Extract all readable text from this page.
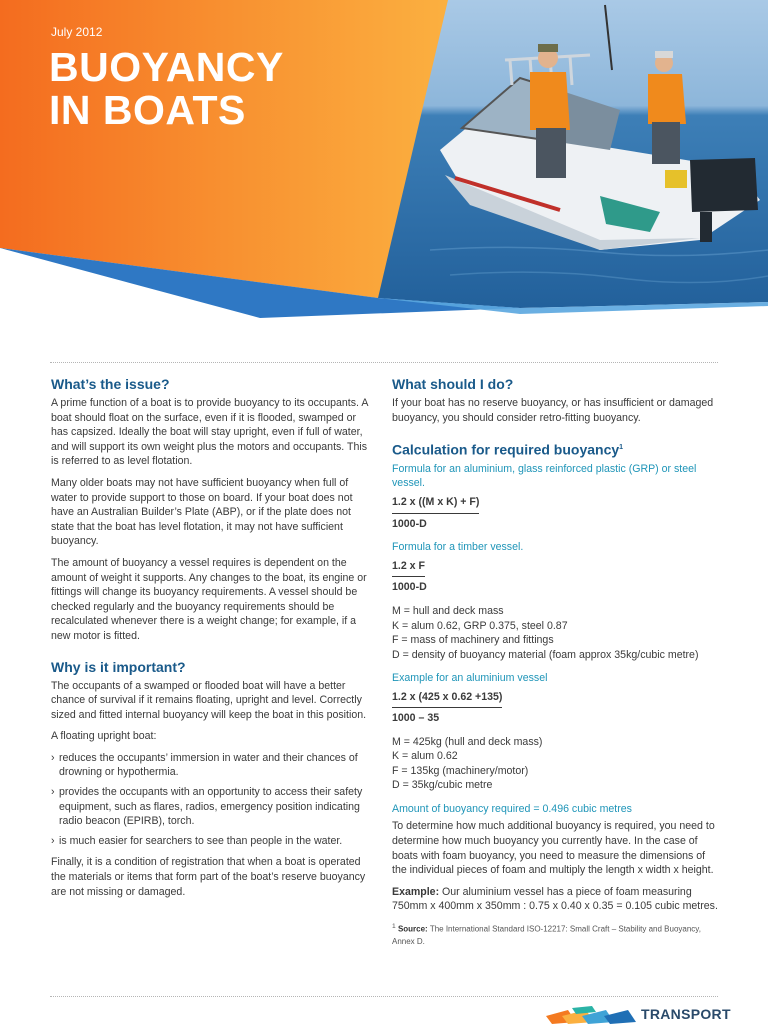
July 2012
BUOYANCY
IN BOATS
What’s the issue?

A prime function of a boat is to provide buoyancy to its occupants. A boat should float on the surface, even if it is flooded, swamped or has capsized. Ideally the boat will stay upright, even if full of water, and will support its own weight plus the motors and occupants. This is referred to as level flotation.

Many older boats may not have sufficient buoyancy when full of water to provide support to those on board. If your boat does not have an Australian Builder’s Plate (ABP), or if the plate does not state that the boat has level flotation, it may not have sufficient buoyancy.

The amount of buoyancy a vessel requires is dependent on the amount of weight it supports. Any changes to the boat, its engine or fittings will change its buoyancy requirements. A vessel should be checked regularly and the buoyancy requirements should be recalculated whenever there is a weight change; for example, if a new motor is fitted.

Why is it important?

The occupants of a swamped or flooded boat will have a better chance of survival if it remains floating, upright and level. Correctly sized and fitted internal buoyancy will keep the boat in this position.

A floating upright boat:

› reduces the occupants’ immersion in water and their chances of drowning or hypothermia.
› provides the occupants with an opportunity to access their safety equipment, such as flares, radios, emergency position indicating radio beacon (EPIRB), torch.
› is much easier for searchers to see than people in the water.

Finally, it is a condition of registration that when a boat is operated the materials or items that form part of the boat’s reserve buoyancy are not missing or damaged.

What should I do?

If your boat has no reserve buoyancy, or has insufficient or damaged buoyancy, you should consider retro-fitting buoyancy.

Calculation for required buoyancy$^1$
Formula for an aluminium, glass reinforced plastic (GRP) or steel vessel.
1.2 x ((M x K) + F)
1000-D
Formula for a timber vessel.
1.2 x F
1000-D
M = hull and deck mass
K = alum 0.62, GRP 0.375, steel 0.87
F = mass of machinery and fittings
D = density of buoyancy material (foam approx 35kg/cubic metre)
Example for an aluminium vessel
1.2 x (425 x 0.62 +135)
1000 – 35
M = 425kg (hull and deck mass)
K = alum 0.62
F = 135kg (machinery/motor)
D = 35kg/cubic metre
Amount of buoyancy required = 0.496 cubic metres

To determine how much additional buoyancy is required, you need to determine how much buoyancy you currently have. In the case of boats with foam buoyancy, you need to measure the dimensions of the individual pieces of foam and multiply the length x width x height.

Example: Our aluminium vessel has a piece of foam measuring 750mm x 400mm x 350mm : 0.75 x 0.40 x 0.35 = 0.105 cubic metres.

$^1$ Source: The International Standard ISO-12217: Small Craft – Stability and Buoyancy, Annex D.
TRANSPORT
